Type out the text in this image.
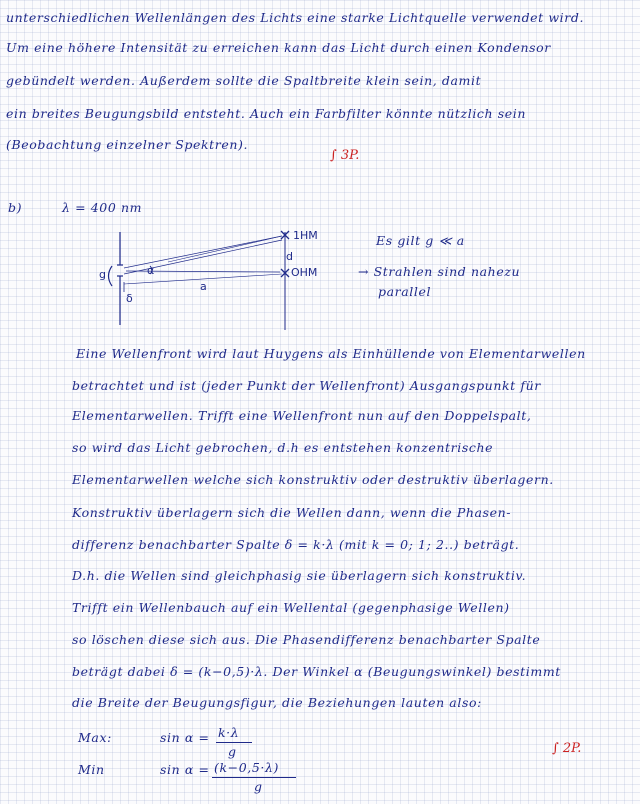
unterschiedlichen Wellenlängen des Lichts eine starke Lichtquelle verwendet wird.
Um eine höhere Intensität zu erreichen kann das Licht durch einen Kondensor
gebündelt werden. Außerdem sollte die Spaltbreite klein sein, damit
ein breites Beugungsbild entsteht. Auch ein Farbfilter könnte nützlich sein
(Beobachtung einzelner Spektren).
∫ 3P.
b)	λ = 400 nm
1HM
OHM
d
a
g
δ
α
Es gilt g ≪ a
→ Strahlen sind nahezu
parallel
Eine Wellenfront wird laut Huygens als Einhüllende von Elementarwellen
betrachtet und ist (jeder Punkt der Wellenfront) Ausgangspunkt für
Elementarwellen. Trifft eine Wellenfront nun auf den Doppelspalt,
so wird das Licht gebrochen, d.h es entstehen konzentrische
Elementarwellen welche sich konstruktiv oder destruktiv überlagern.
Konstruktiv überlagern sich die Wellen dann, wenn die Phasen-
differenz benachbarter Spalte δ = k·λ (mit k = 0; 1; 2..) beträgt.
D.h. die Wellen sind gleichphasig sie überlagern sich konstruktiv.
Trifft ein Wellenbauch auf ein Wellental (gegenphasige Wellen)
so löschen diese sich aus. Die Phasendifferenz benachbarter Spalte
beträgt dabei δ = (k−0,5)·λ. Der Winkel α (Beugungswinkel) bestimmt
die Breite der Beugungsfigur, die Beziehungen lauten also:
Max:	sin α = k·λ
g
Min	sin α = (k−0,5·λ)
g
∫ 2P.
